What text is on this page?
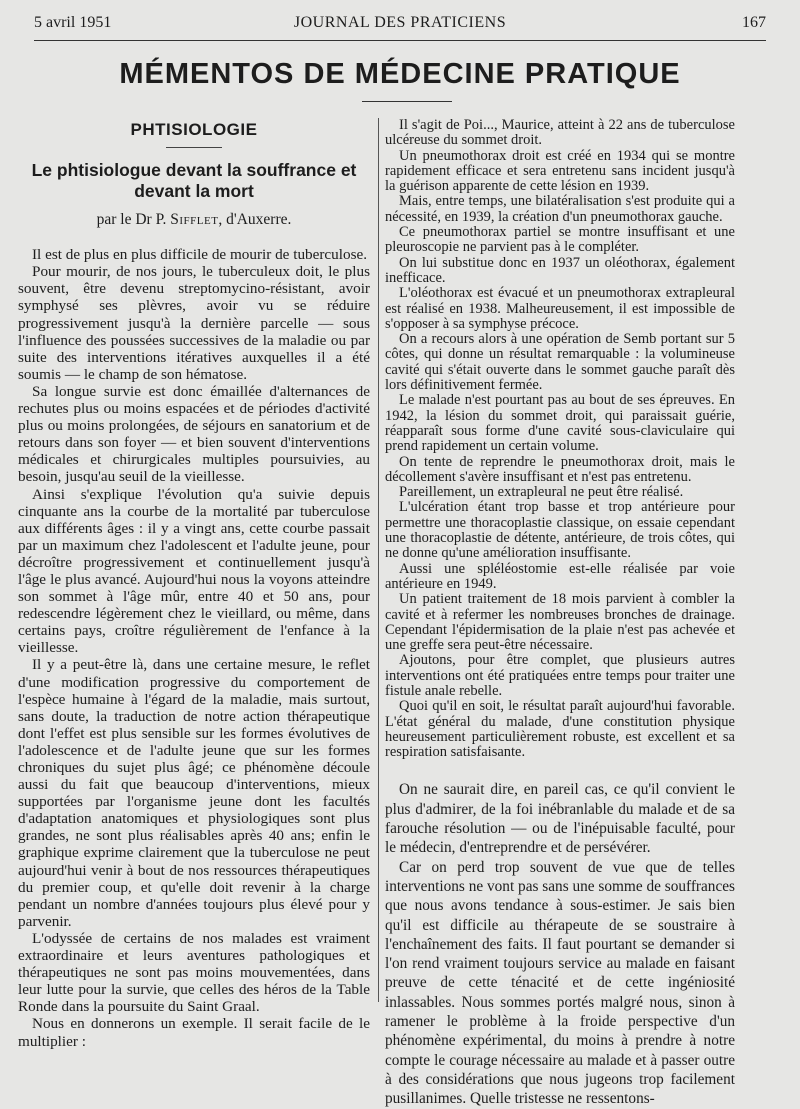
5 avril 1951	JOURNAL DES PRATICIENS	167
MÉMENTOS DE MÉDECINE PRATIQUE
PHTISIOLOGIE
Le phtisiologue devant la souffrance et devant la mort
par le Dr P. Sifflet, d'Auxerre.

Il est de plus en plus difficile de mourir de tuberculose.

Pour mourir, de nos jours, le tuberculeux doit, le plus souvent, être devenu streptomycino-résistant, avoir symphysé ses plèvres, avoir vu se réduire progressivement jusqu'à la dernière parcelle — sous l'influence des poussées successives de la maladie ou par suite des interventions itératives auxquelles il a été soumis — le champ de son hématose.

Sa longue survie est donc émaillée d'alternances de rechutes plus ou moins espacées et de périodes d'activité plus ou moins prolongées, de séjours en sanatorium et de retours dans son foyer — et bien souvent d'interventions médicales et chirurgicales multiples poursuivies, au besoin, jusqu'au seuil de la vieillesse.

Ainsi s'explique l'évolution qu'a suivie depuis cinquante ans la courbe de la mortalité par tuberculose aux différents âges : il y a vingt ans, cette courbe passait par un maximum chez l'adolescent et l'adulte jeune, pour décroître progressivement et continuellement jusqu'à l'âge le plus avancé. Aujourd'hui nous la voyons atteindre son sommet à l'âge mûr, entre 40 et 50 ans, pour redescendre légèrement chez le vieillard, ou même, dans certains pays, croître régulièrement de l'enfance à la vieillesse.

Il y a peut-être là, dans une certaine mesure, le reflet d'une modification progressive du comportement de l'espèce humaine à l'égard de la maladie, mais surtout, sans doute, la traduction de notre action thérapeutique dont l'effet est plus sensible sur les formes évolutives de l'adolescence et de l'adulte jeune que sur les formes chroniques du sujet plus âgé; ce phénomène découle aussi du fait que beaucoup d'interventions, mieux supportées par l'organisme jeune dont les facultés d'adaptation anatomiques et physiologiques sont plus grandes, ne sont plus réalisables après 40 ans; enfin le graphique exprime clairement que la tuberculose ne peut aujourd'hui venir à bout de nos ressources thérapeutiques du premier coup, et qu'elle doit revenir à la charge pendant un nombre d'années toujours plus élevé pour y parvenir.

L'odyssée de certains de nos malades est vraiment extraordinaire et leurs aventures pathologiques et thérapeutiques ne sont pas moins mouvementées, dans leur lutte pour la survie, que celles des héros de la Table Ronde dans la poursuite du Saint Graal.

Nous en donnerons un exemple. Il serait facile de le multiplier :

Il s'agit de Poi..., Maurice, atteint à 22 ans de tuberculose ulcéreuse du sommet droit.

Un pneumothorax droit est créé en 1934 qui se montre rapidement efficace et sera entretenu sans incident jusqu'à la guérison apparente de cette lésion en 1939.

Mais, entre temps, une bilatéralisation s'est produite qui a nécessité, en 1939, la création d'un pneumothorax gauche.

Ce pneumothorax partiel se montre insuffisant et une pleuroscopie ne parvient pas à le compléter.

On lui substitue donc en 1937 un oléothorax, également inefficace.

L'oléothorax est évacué et un pneumothorax extrapleural est réalisé en 1938. Malheureusement, il est impossible de s'opposer à sa symphyse précoce.

On a recours alors à une opération de Semb portant sur 5 côtes, qui donne un résultat remarquable : la volumineuse cavité qui s'était ouverte dans le sommet gauche paraît dès lors définitivement fermée.

Le malade n'est pourtant pas au bout de ses épreuves. En 1942, la lésion du sommet droit, qui paraissait guérie, réapparaît sous forme d'une cavité sous-claviculaire qui prend rapidement un certain volume.

On tente de reprendre le pneumothorax droit, mais le décollement s'avère insuffisant et n'est pas entretenu.

Pareillement, un extrapleural ne peut être réalisé.

L'ulcération étant trop basse et trop antérieure pour permettre une thoracoplastie classique, on essaie cependant une thoracoplastie de détente, antérieure, de trois côtes, qui ne donne qu'une amélioration insuffisante.

Aussi une spléléostomie est-elle réalisée par voie antérieure en 1949.

Un patient traitement de 18 mois parvient à combler la cavité et à refermer les nombreuses bronches de drainage. Cependant l'épidermisation de la plaie n'est pas achevée et une greffe sera peut-être nécessaire.

Ajoutons, pour être complet, que plusieurs autres interventions ont été pratiquées entre temps pour traiter une fistule anale rebelle.

Quoi qu'il en soit, le résultat paraît aujourd'hui favorable. L'état général du malade, d'une constitution physique heureusement particulièrement robuste, est excellent et sa respiration satisfaisante.

On ne saurait dire, en pareil cas, ce qu'il convient le plus d'admirer, de la foi inébranlable du malade et de sa farouche résolution — ou de l'inépuisable faculté, pour le médecin, d'entreprendre et de persévérer.

Car on perd trop souvent de vue que de telles interventions ne vont pas sans une somme de souffrances que nous avons tendance à sous-estimer. Je sais bien qu'il est difficile au thérapeute de se soustraire à l'enchaînement des faits. Il faut pourtant se demander si l'on rend vraiment toujours service au malade en faisant preuve de cette ténacité et de cette ingéniosité inlassables. Nous sommes portés malgré nous, sinon à ramener le problème à la froide perspective d'un phénomène expérimental, du moins à prendre à notre compte le courage nécessaire au malade et à passer outre à des considérations que nous jugeons trop facilement pusillanimes. Quelle tristesse ne ressentons-
